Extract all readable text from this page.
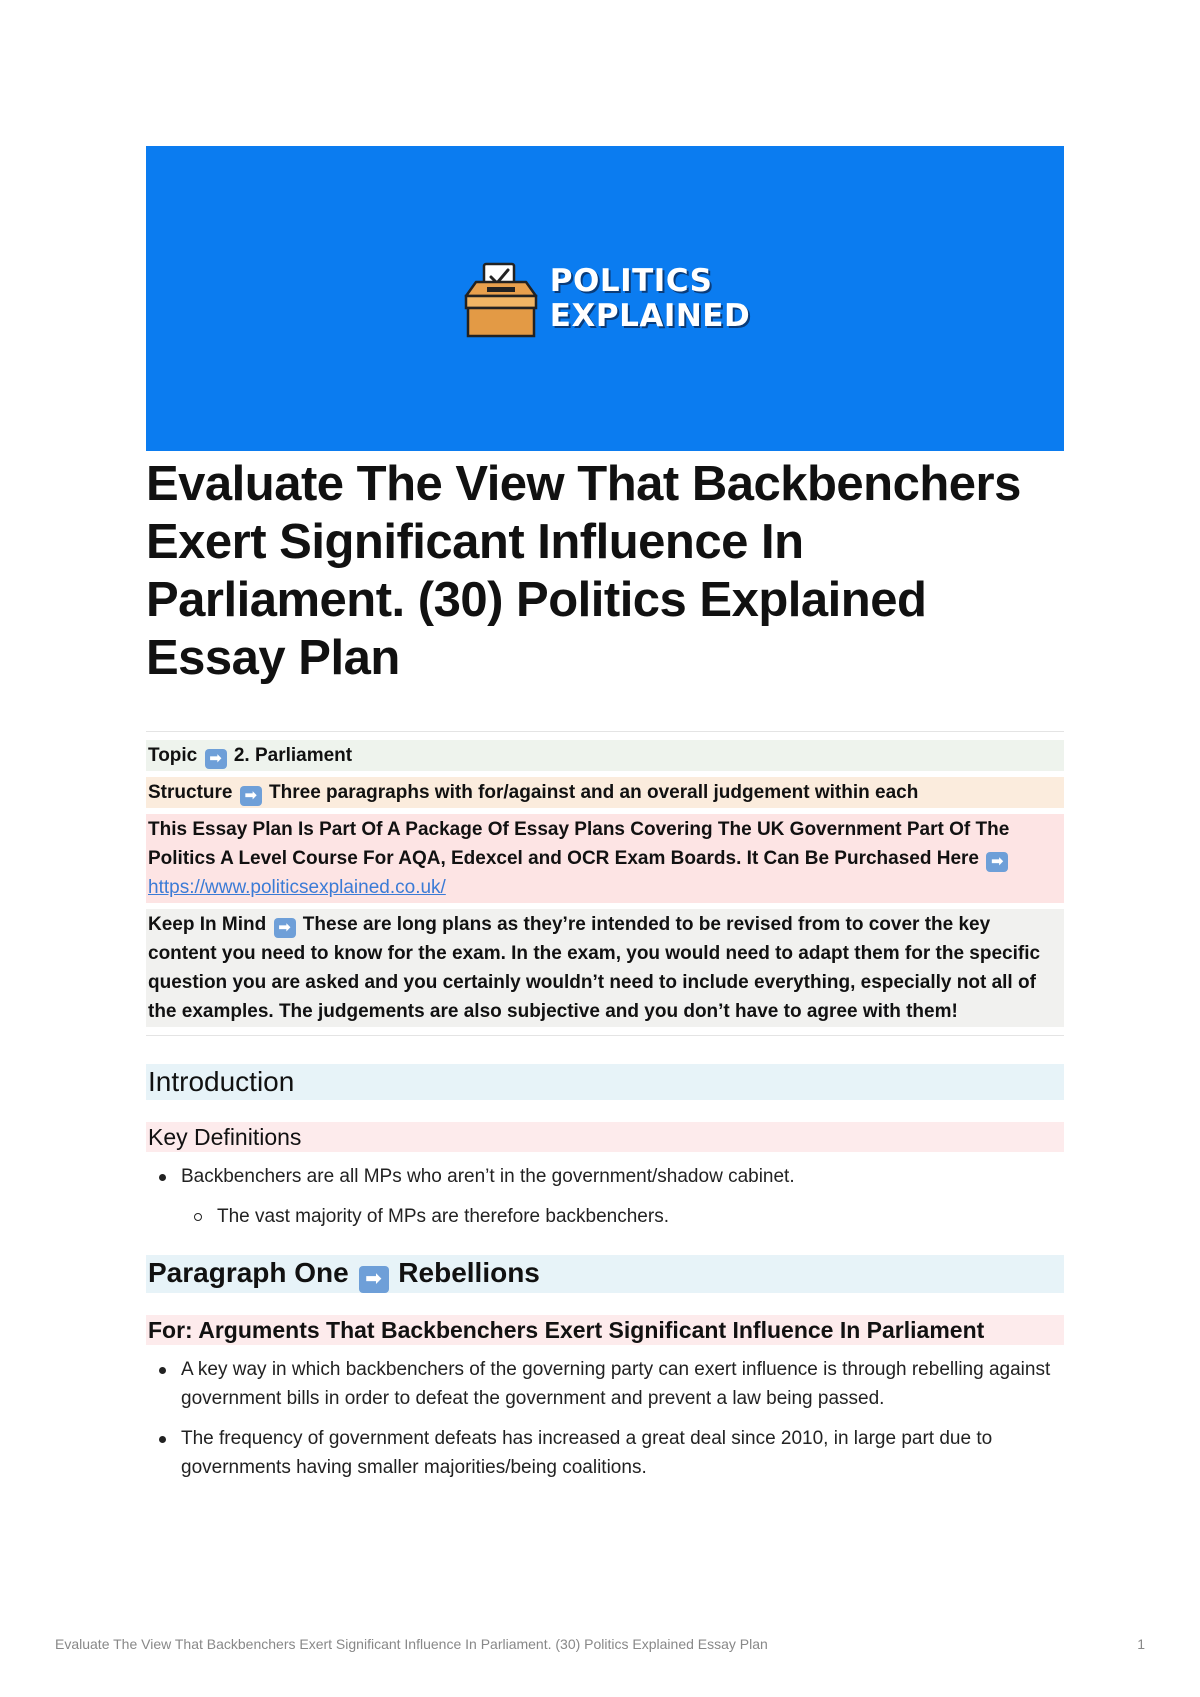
POLITICS
EXPLAINED
Evaluate The View That Backbenchers Exert Significant Influence In Parliament. (30) Politics Explained Essay Plan
Topic ➡ 2. Parliament
Structure ➡ Three paragraphs with for/against and an overall judgement within each
This Essay Plan Is Part Of A Package Of Essay Plans Covering The UK Government Part Of The Politics A Level Course For AQA, Edexcel and OCR Exam Boards. It Can Be Purchased Here ➡
https://www.politicsexplained.co.uk/
Keep In Mind ➡ These are long plans as they’re intended to be revised from to cover the key content you need to know for the exam. In the exam, you would need to adapt them for the specific question you are asked and you certainly wouldn’t need to include everything, especially not all of the examples. The judgements are also subjective and you don’t have to agree with them!
Introduction
Key Definitions
Backbenchers are all MPs who aren’t in the government/shadow cabinet.
The vast majority of MPs are therefore backbenchers.
Paragraph One ➡ Rebellions
For: Arguments That Backbenchers Exert Significant Influence In Parliament
A key way in which backbenchers of the governing party can exert influence is through rebelling against government bills in order to defeat the government and prevent a law being passed.
The frequency of government defeats has increased a great deal since 2010, in large part due to governments having smaller majorities/being coalitions.
Evaluate The View That Backbenchers Exert Significant Influence In Parliament. (30) Politics Explained Essay Plan	1
